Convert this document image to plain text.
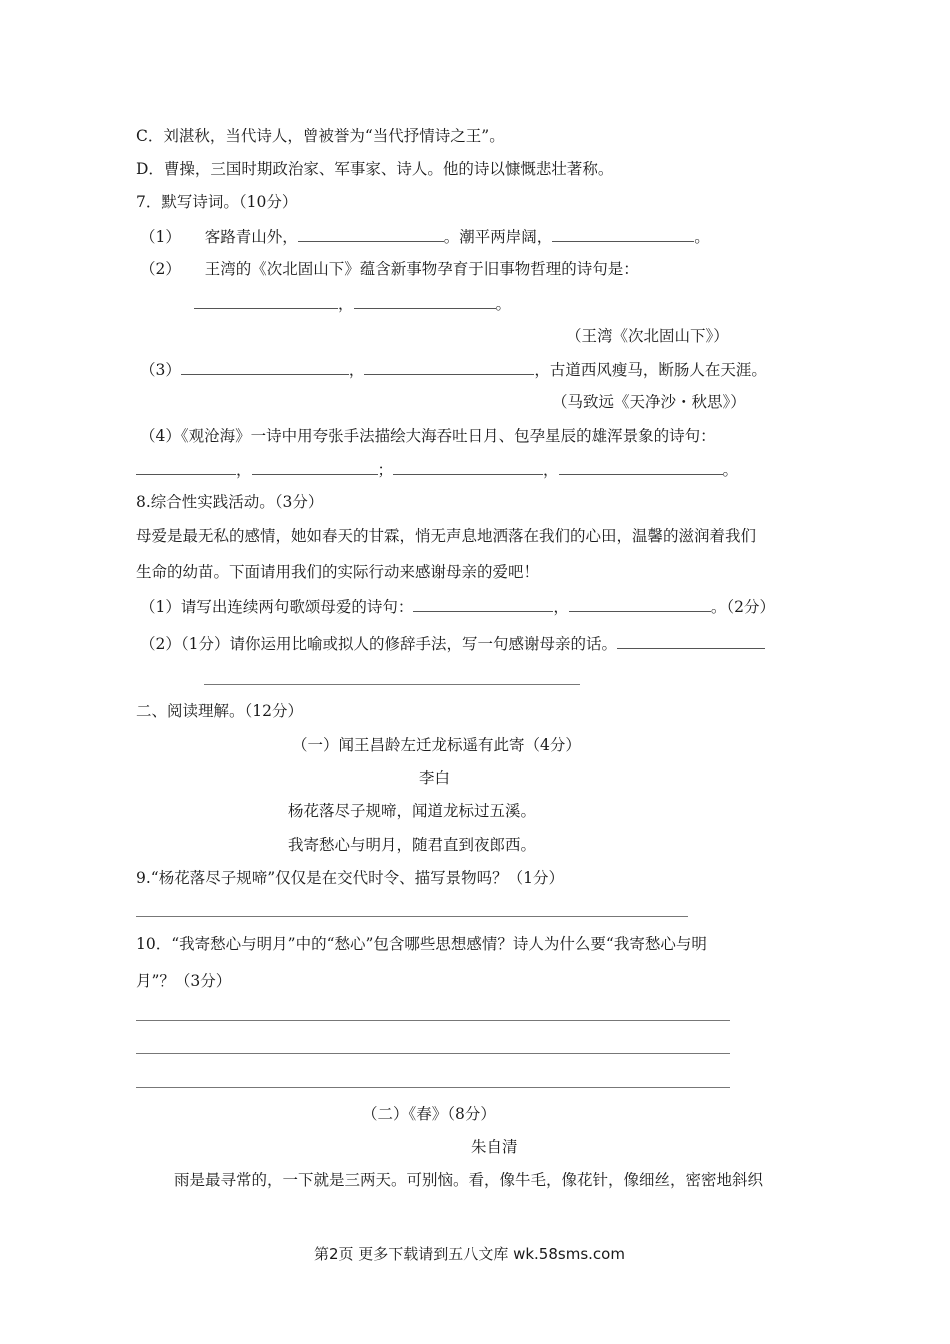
C．刘湛秋，当代诗人，曾被誉为“当代抒情诗之王”。
D．曹操，三国时期政治家、军事家、诗人。他的诗以慷慨悲壮著称。
7．默写诗词。（10分）
（1） 客路青山外，	。潮平两岸阔，	。
（2） 王湾的《次北固山下》蕴含新事物孕育于旧事物哲理的诗句是：
，	。
（王湾《次北固山下》）
（3）	，	，古道西风瘦马，断肠人在天涯。
（马致远《天净沙・秋思》）
（4）《观沧海》一诗中用夸张手法描绘大海吞吐日月、包孕星辰的雄浑景象的诗句：
，	；	，	。
8.综合性实践活动。（3分）
母爱是最无私的感情，她如春天的甘霖，悄无声息地洒落在我们的心田，温馨的滋润着我们
生命的幼苗。下面请用我们的实际行动来感谢母亲的爱吧！
（1）请写出连续两句歌颂母爱的诗句：	，	。（2分）
（2）（1分）请你运用比喻或拟人的修辞手法，写一句感谢母亲的话。
二、阅读理解。（12分）
（一）闻王昌龄左迁龙标遥有此寄（4分）
李白
杨花落尽子规啼，闻道龙标过五溪。
我寄愁心与明月，随君直到夜郎西。
9.“杨花落尽子规啼”仅仅是在交代时令、描写景物吗？（1分）
10．“我寄愁心与明月”中的“愁心”包含哪些思想感情？诗人为什么要“我寄愁心与明
月”？（3分）
（二）《春》（8分）
朱自清
雨是最寻常的，一下就是三两天。可别恼。看，像牛毛，像花针，像细丝，密密地斜织
第2页 更多下载请到五八文库 wk.58sms.com
